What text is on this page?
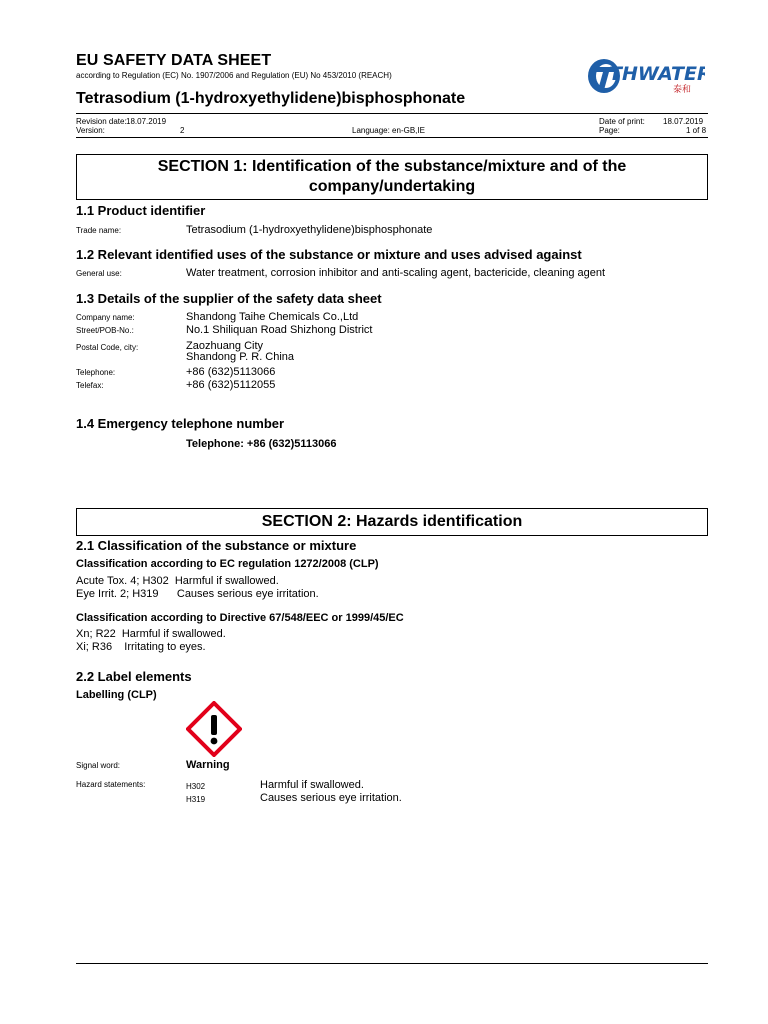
EU SAFETY DATA SHEET
according to Regulation (EC) No. 1907/2006 and Regulation (EU) No 453/2010 (REACH)
Tetrasodium (1-hydroxyethylidene)bisphosphonate
THWATER
泰和
Revision date: 18.07.2019
Version:	2	Language: en-GB,IE
Date of print: 18.07.2019
Page:	1 of 8
SECTION 1: Identification of the substance/mixture and of the
company/undertaking
1.1 Product identifier
Trade name:	Tetrasodium (1-hydroxyethylidene)bisphosphonate
1.2 Relevant identified uses of the substance or mixture and uses advised against
General use:	Water treatment, corrosion inhibitor and anti-scaling agent, bactericide, cleaning agent
1.3 Details of the supplier of the safety data sheet
Company name:	Shandong Taihe Chemicals Co.,Ltd
Street/POB-No.:	No.1 Shiliquan Road Shizhong District
Postal Code, city:	Zaozhuang City
Shandong P. R. China
Telephone:	+86 (632)5113066
Telefax:	+86 (632)5112055
1.4 Emergency telephone number
Telephone: +86 (632)5113066
SECTION 2: Hazards identification
2.1 Classification of the substance or mixture
Classification according to EC regulation 1272/2008 (CLP)
Acute Tox. 4; H302  Harmful if swallowed.
Eye Irrit. 2; H319      Causes serious eye irritation.
Classification according to Directive 67/548/EEC or 1999/45/EC
Xn; R22  Harmful if swallowed.
Xi; R36    Irritating to eyes.
2.2 Label elements
Labelling (CLP)
Signal word:	Warning
Hazard statements:	H302	Harmful if swallowed.
H319	Causes serious eye irritation.
